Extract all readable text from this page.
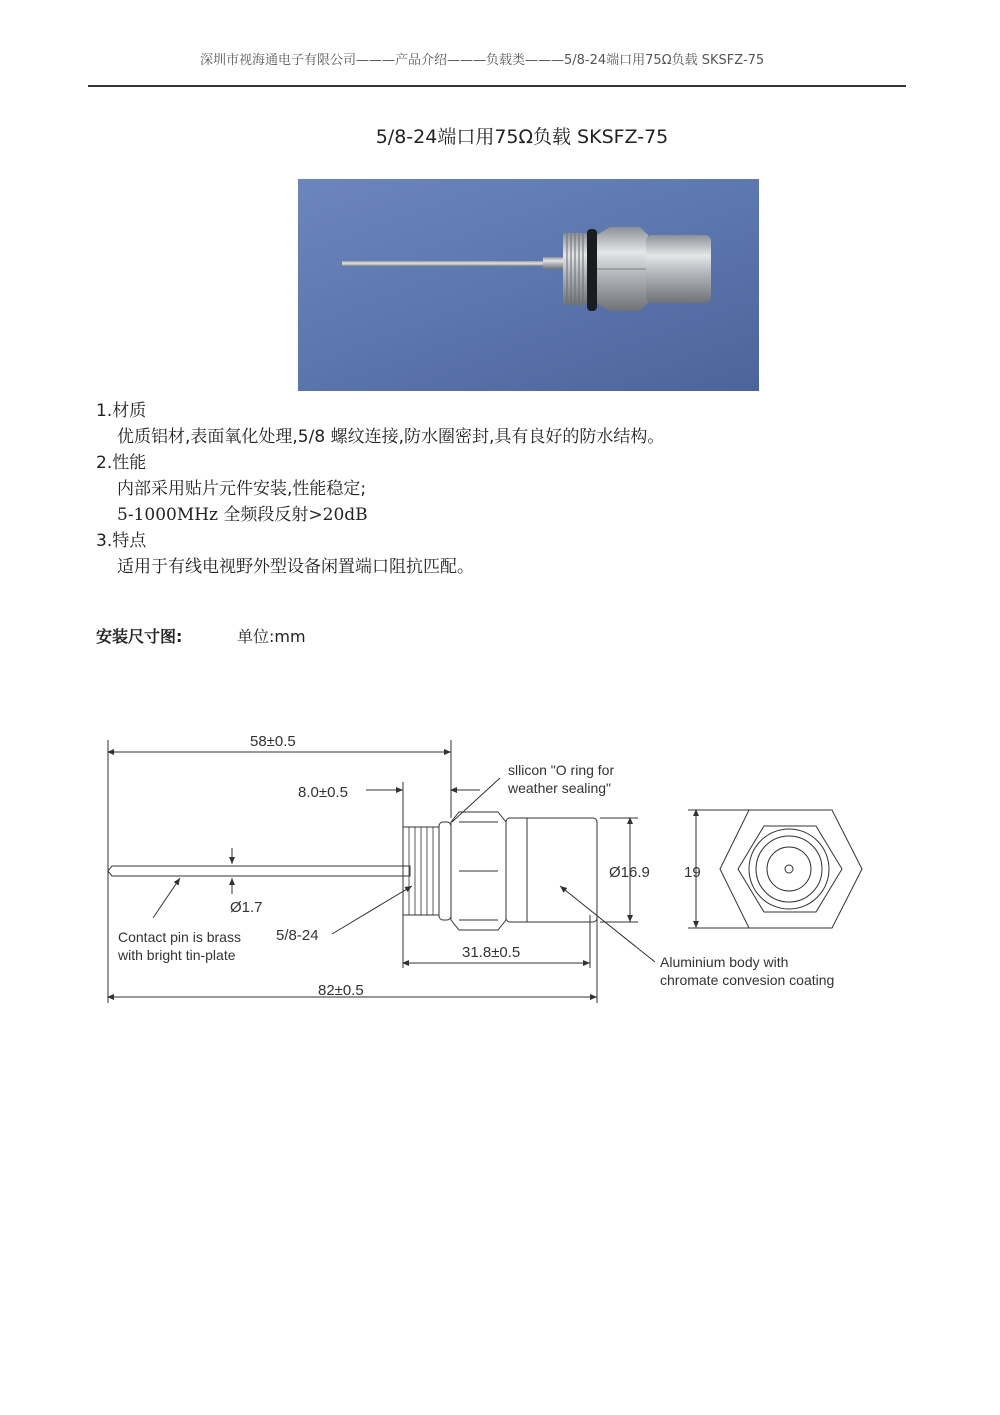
深圳市视海通电子有限公司———产品介绍———负载类———5/8-24端口用75Ω负载 SKSFZ-75
5/8-24端口用75Ω负载 SKSFZ-75
1.材质
优质铝材,表面氧化处理,5/8 螺纹连接,防水圈密封,具有良好的防水结构。
2.性能
内部采用贴片元件安装,性能稳定;
5-1000MHz 全频段反射>20dB
3.特点
适用于有线电视野外型设备闲置端口阻抗匹配。
安装尺寸图:	单位:mm
58±0.5
8.0±0.5
sllicon "O ring for
weather sealing"
Ø1.7
Ø16.9 19
5/8-24
31.8±0.5
82±0.5
Contact pin is brass
with bright tin-plate	Aluminium body with
chromate convesion coating
